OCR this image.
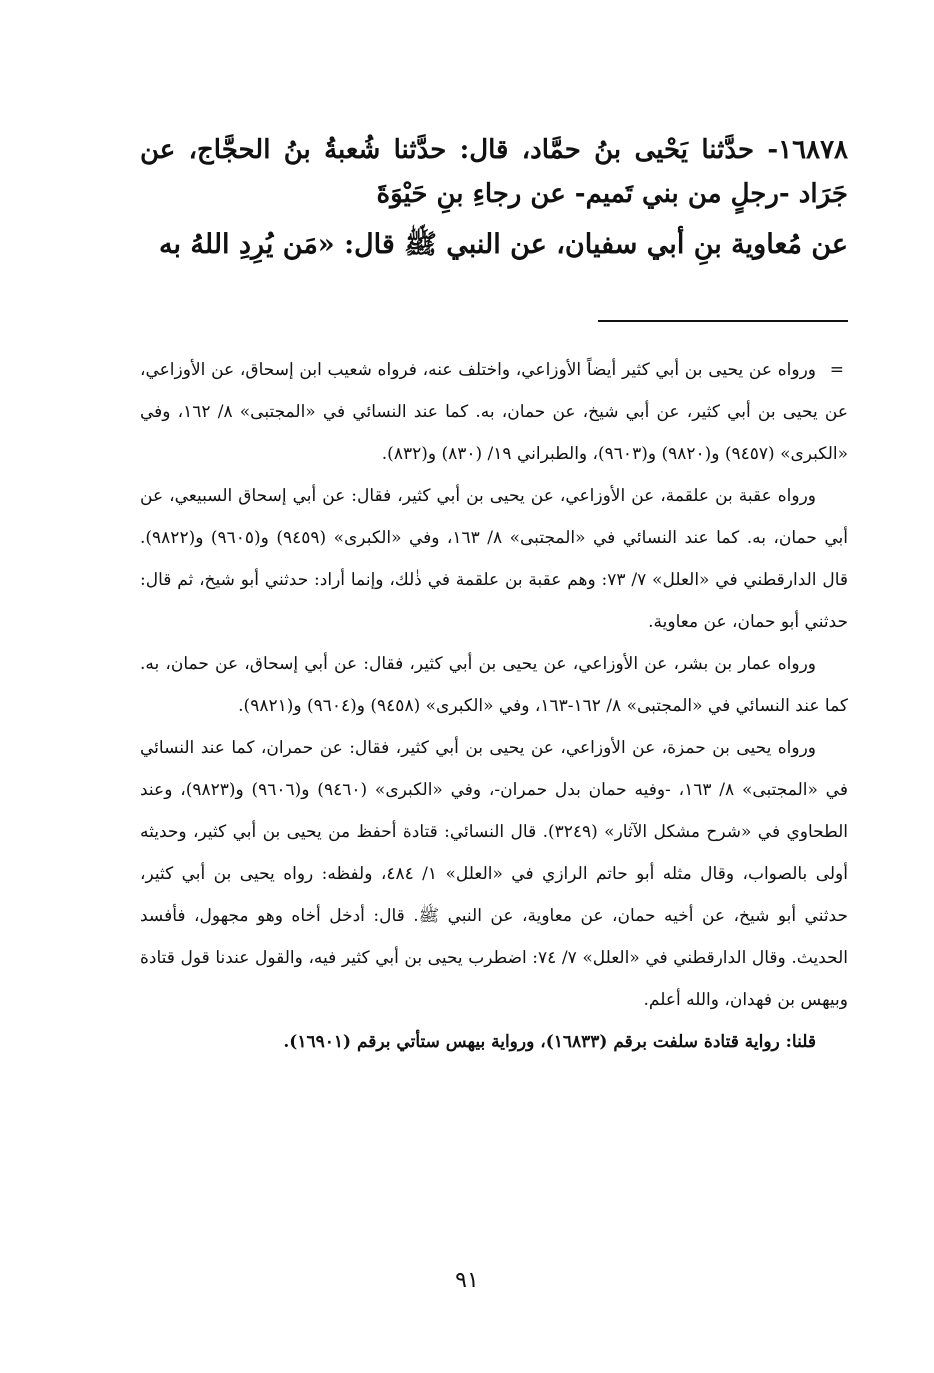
١٦٨٧٨- حدَّثنا يَحْيى بنُ حمَّاد، قال: حدَّثنا شُعبةُ بنُ الحجَّاج، عن جَرَاد -رجلٍ من بني تَميم- عن رجاءِ بنِ حَيْوَةَ

عن مُعاوية بنِ أبي سفيان، عن النبي ﷺ قال: «مَن يُرِدِ اللهُ به

=
ورواه عن يحيى بن أبي كثير أيضاً الأوزاعي، واختلف عنه، فرواه شعيب ابن إسحاق، عن الأوزاعي، عن يحيى بن أبي كثير، عن أبي شيخ، عن حمان، به. كما عند النسائي في «المجتبى» ٨/ ١٦٢، وفي «الكبرى» (٩٤٥٧) و(٩٨٢٠) و(٩٦٠٣)، والطبراني ١٩/ (٨٣٠) و(٨٣٢).

ورواه عقبة بن علقمة، عن الأوزاعي، عن يحيى بن أبي كثير، فقال: عن أبي إسحاق السبيعي، عن أبي حمان، به. كما عند النسائي في «المجتبى» ٨/ ١٦٣، وفي «الكبرى» (٩٤٥٩) و(٩٦٠٥) و(٩٨٢٢). قال الدارقطني في «العلل» ٧/ ٧٣: وهم عقبة بن علقمة في ذٰلك، وإنما أراد: حدثني أبو شيخ، ثم قال: حدثني أبو حمان، عن معاوية.

ورواه عمار بن بشر، عن الأوزاعي، عن يحيى بن أبي كثير، فقال: عن أبي إسحاق، عن حمان، به. كما عند النسائي في «المجتبى» ٨/ ١٦٢-١٦٣، وفي «الكبرى» (٩٤٥٨) و(٩٦٠٤) و(٩٨٢١).

ورواه يحيى بن حمزة، عن الأوزاعي، عن يحيى بن أبي كثير، فقال: عن حمران، كما عند النسائي في «المجتبى» ٨/ ١٦٣، -وفيه حمان بدل حمران-، وفي «الكبرى» (٩٤٦٠) و(٩٦٠٦) و(٩٨٢٣)، وعند الطحاوي في «شرح مشكل الآثار» (٣٢٤٩). قال النسائي: قتادة أحفظ من يحيى بن أبي كثير، وحديثه أولى بالصواب، وقال مثله أبو حاتم الرازي في «العلل» ١/ ٤٨٤، ولفظه: رواه يحيى بن أبي كثير، حدثني أبو شيخ، عن أخيه حمان، عن معاوية، عن النبي ﷺ. قال: أدخل أخاه وهو مجهول، فأفسد الحديث. وقال الدارقطني في «العلل» ٧/ ٧٤: اضطرب يحيى بن أبي كثير فيه، والقول عندنا قول قتادة وبيهس بن فهدان، والله أعلم.

قلنا: رواية قتادة سلفت برقم (١٦٨٣٣)، ورواية بيهس ستأتي برقم (١٦٩٠١).

٩١
